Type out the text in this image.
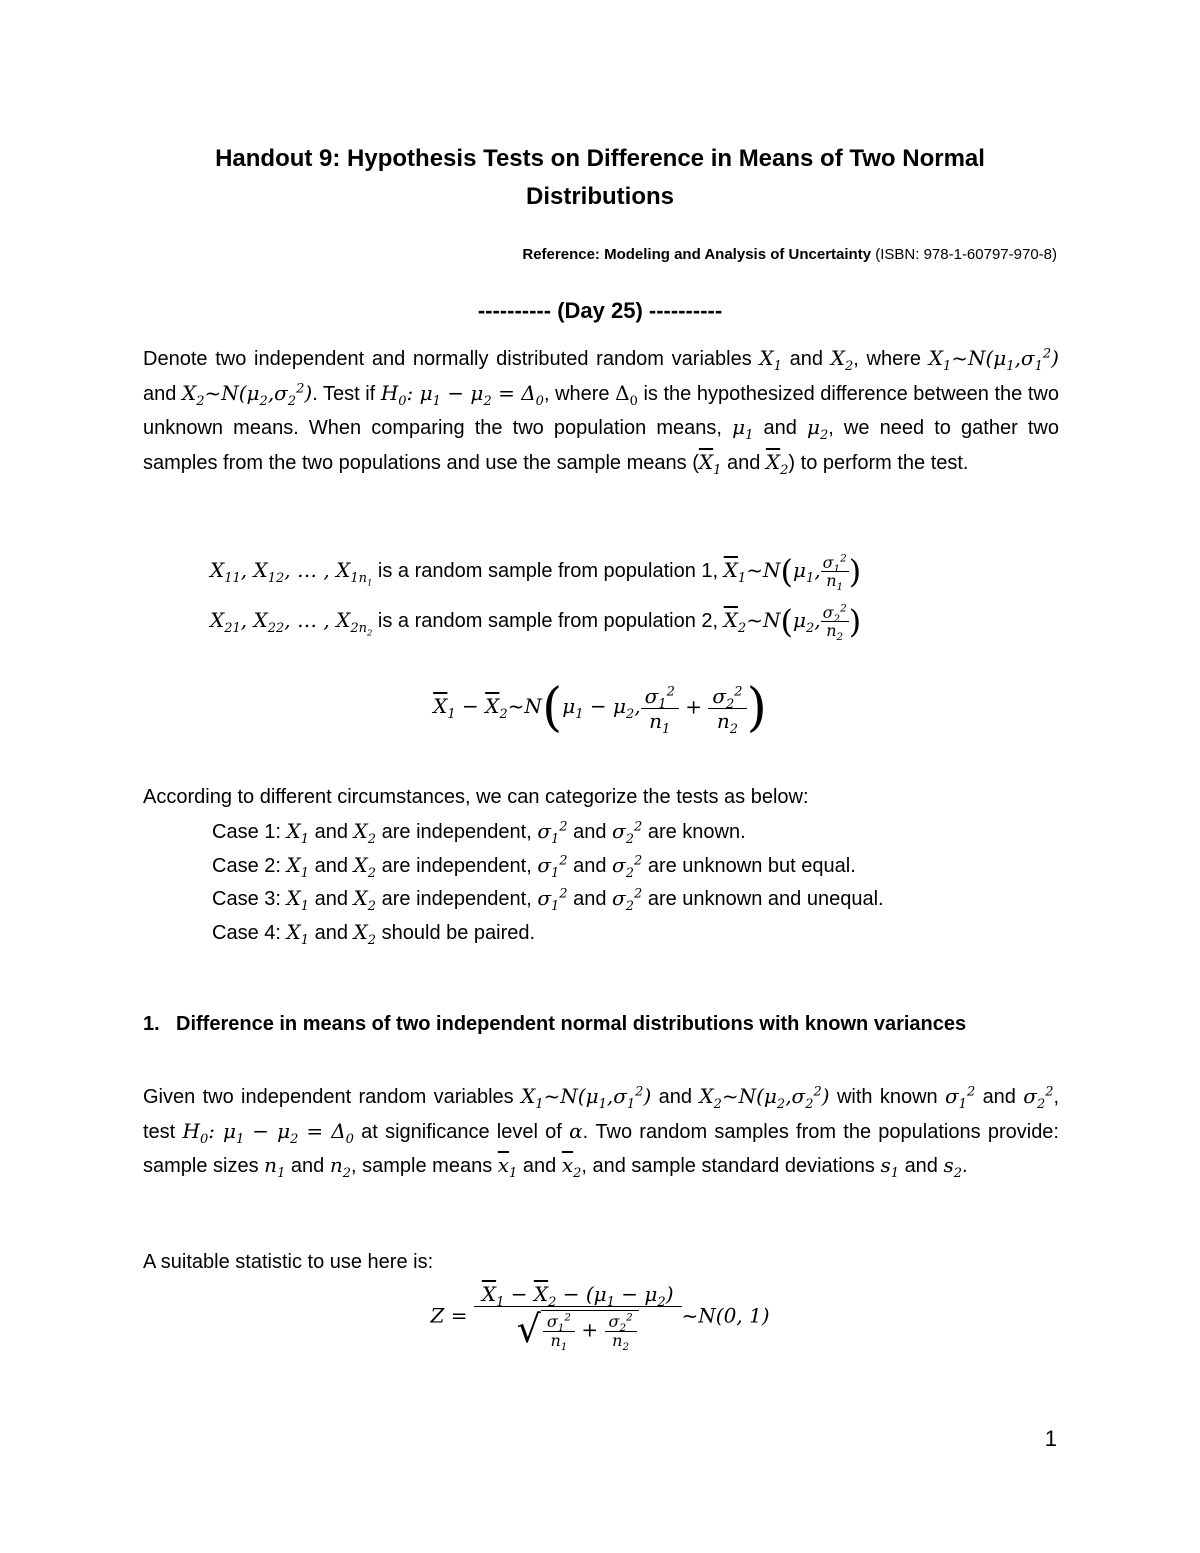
Handout 9: Hypothesis Tests on Difference in Means of Two Normal
Distributions
Reference: Modeling and Analysis of Uncertainty (ISBN: 978-1-60797-970-8)
---------- (Day 25) ----------
Denote two independent and normally distributed random variables $X_1$ and $X_2$, where $X_1\sim N(\mu_1,\sigma_1^2)$ and $X_2\sim N(\mu_2,\sigma_2^2)$. Test if $H_0$: $\mu_1 - \mu_2 = \Delta_0$, where $\Delta_0$ is the hypothesized difference between the two unknown means. When comparing the two population means, $\mu_1$ and $\mu_2$, we need to gather two samples from the two populations and use the sample means ($\overline{X}_1$ and $\overline{X}_2$) to perform the test.
$X_{11}$, $X_{12}$, … , $X_{1n_1}$ is a random sample from population 1, $\overline{X}_1\sim N(\mu_1$, $\frac{\sigma_1^2}{n_1}$ )
$X_{21}$, $X_{22}$, … , $X_{2n_2}$ is a random sample from population 2, $\overline{X}_2\sim N(\mu_2$, $\frac{\sigma_2^2}{n_2}$ )
$\overline{X}_1$ − $\overline{X}_2\sim N(\mu_1 - \mu_2$, $\frac{\sigma_1^2}{n_1} + \frac{\sigma_2^2}{n_2}$ )
According to different circumstances, we can categorize the tests as below:
Case 1: $X_1$ and $X_2$ are independent, $\sigma_1^2$ and $\sigma_2^2$ are known.
Case 2: $X_1$ and $X_2$ are independent, $\sigma_1^2$ and $\sigma_2^2$ are unknown but equal.
Case 3: $X_1$ and $X_2$ are independent, $\sigma_1^2$ and $\sigma_2^2$ are unknown and unequal.
Case 4: $X_1$ and $X_2$ should be paired.
1. Difference in means of two independent normal distributions with known variances
Given two independent random variables $X_1\sim N(\mu_1,\sigma_1^2)$ and $X_2\sim N(\mu_2,\sigma_2^2)$ with known $\sigma_1^2$ and $\sigma_2^2$, test $H_0$: $\mu_1 - \mu_2 = \Delta_0$ at significance level of α. Two random samples from the populations provide: sample sizes $n_1$ and $n_2$, sample means $\overline{x}_1$ and $\overline{x}_2$, and sample standard deviations $s_1$ and $s_2$.
A suitable statistic to use here is:
$Z = \frac{\overline{X}_1 - \overline{X}_2 - (\mu_1 - \mu_2)}{√ \frac{\sigma_1^2}{n_1} + \frac{\sigma_2^2}{n_2}}$ ~N(0, 1)
1
